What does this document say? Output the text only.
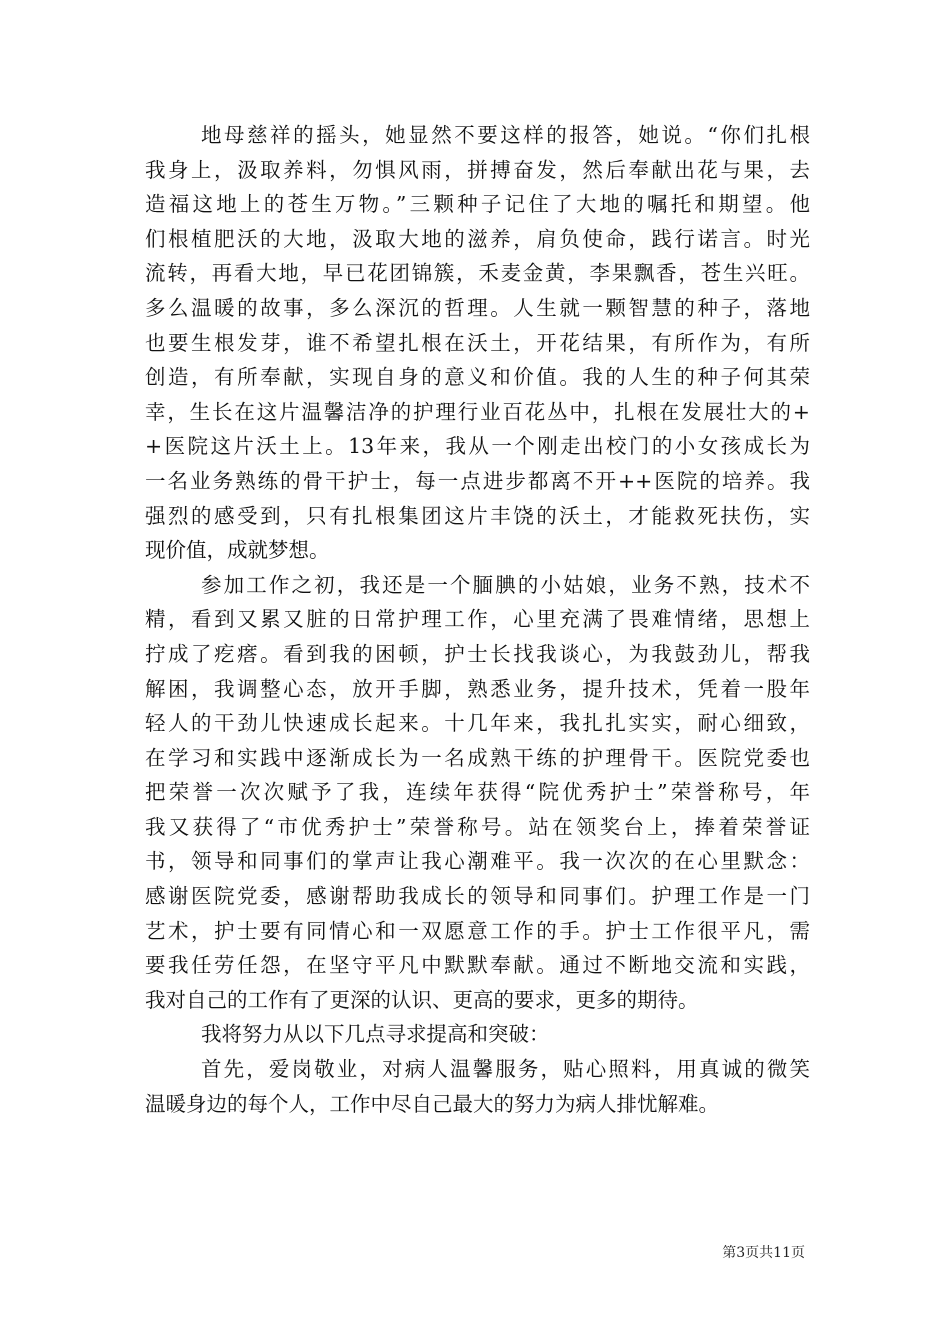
地母慈祥的摇头，她显然不要这样的报答，她说。“你们扎根
我身上，汲取养料，勿惧风雨，拼搏奋发，然后奉献出花与果，去
造福这地上的苍生万物。”三颗种子记住了大地的嘱托和期望。他
们根植肥沃的大地，汲取大地的滋养，肩负使命，践行诺言。时光
流转，再看大地，早已花团锦簇，禾麦金黄，李果飘香，苍生兴旺。
多么温暖的故事，多么深沉的哲理。人生就一颗智慧的种子，落地
也要生根发芽，谁不希望扎根在沃土，开花结果，有所作为，有所
创造，有所奉献，实现自身的意义和价值。我的人生的种子何其荣
幸，生长在这片温馨洁净的护理行业百花丛中，扎根在发展壮大的+
+医院这片沃土上。13年来，我从一个刚走出校门的小女孩成长为
一名业务熟练的骨干护士，每一点进步都离不开++医院的培养。我
强烈的感受到，只有扎根集团这片丰饶的沃土，才能救死扶伤，实
现价值，成就梦想。
参加工作之初，我还是一个腼腆的小姑娘，业务不熟，技术不
精，看到又累又脏的日常护理工作，心里充满了畏难情绪，思想上
拧成了疙瘩。看到我的困顿，护士长找我谈心，为我鼓劲儿，帮我
解困，我调整心态，放开手脚，熟悉业务，提升技术，凭着一股年
轻人的干劲儿快速成长起来。十几年来，我扎扎实实，耐心细致，
在学习和实践中逐渐成长为一名成熟干练的护理骨干。医院党委也
把荣誉一次次赋予了我，连续年获得“院优秀护士”荣誉称号，年
我又获得了“市优秀护士”荣誉称号。站在领奖台上，捧着荣誉证
书，领导和同事们的掌声让我心潮难平。我一次次的在心里默念：
感谢医院党委，感谢帮助我成长的领导和同事们。护理工作是一门
艺术，护士要有同情心和一双愿意工作的手。护士工作很平凡，需
要我任劳任怨，在坚守平凡中默默奉献。通过不断地交流和实践，
我对自己的工作有了更深的认识、更高的要求，更多的期待。
我将努力从以下几点寻求提高和突破：
首先，爱岗敬业，对病人温馨服务，贴心照料，用真诚的微笑
温暖身边的每个人，工作中尽自己最大的努力为病人排忧解难。
第3页共11页
